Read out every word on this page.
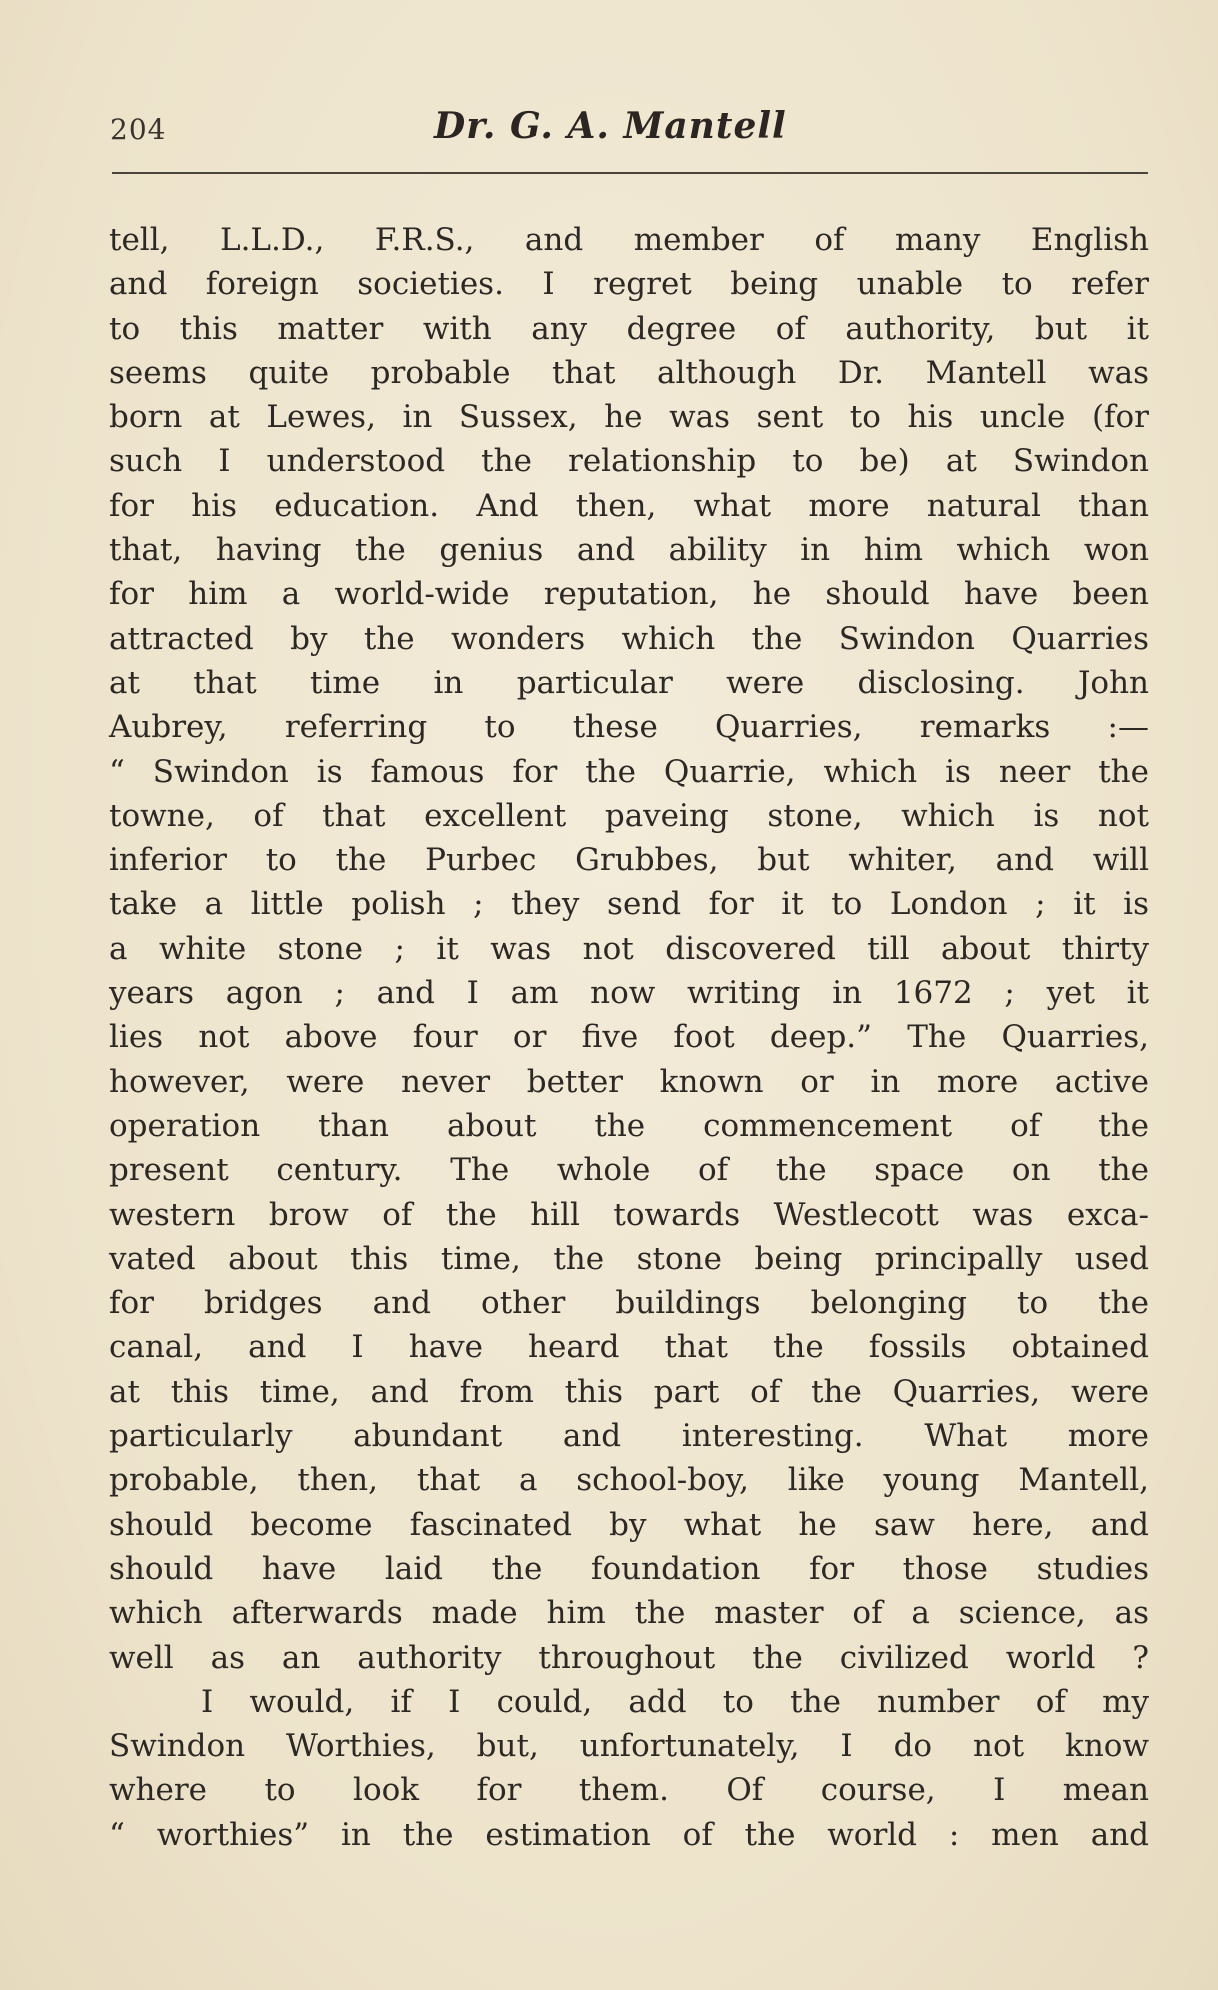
204	Dr. G. A. Mantell
tell, L.L.D., F.R.S., and member of many English
and foreign societies. I regret being unable to refer
to this matter with any degree of authority, but it
seems quite probable that although Dr. Mantell was
born at Lewes, in Sussex, he was sent to his uncle (for
such I understood the relationship to be) at Swindon
for his education. And then, what more natural than
that, having the genius and ability in him which won
for him a world-wide reputation, he should have been
attracted by the wonders which the Swindon Quarries
at that time in particular were disclosing. John
Aubrey, referring to these Quarries, remarks :—
“ Swindon is famous for the Quarrie, which is neer the
towne, of that excellent paveing stone, which is not
inferior to the Purbec Grubbes, but whiter, and will
take a little polish ; they send for it to London ; it is
a white stone ; it was not discovered till about thirty
years agon ; and I am now writing in 1672 ; yet it
lies not above four or five foot deep.” The Quarries,
however, were never better known or in more active
operation than about the commencement of the
present century. The whole of the space on the
western brow of the hill towards Westlecott was exca-
vated about this time, the stone being principally used
for bridges and other buildings belonging to the
canal, and I have heard that the fossils obtained
at this time, and from this part of the Quarries, were
particularly abundant and interesting. What more
probable, then, that a school-boy, like young Mantell,
should become fascinated by what he saw here, and
should have laid the foundation for those studies
which afterwards made him the master of a science, as
well as an authority throughout the civilized world ?
I would, if I could, add to the number of my
Swindon Worthies, but, unfortunately, I do not know
where to look for them. Of course, I mean
“ worthies” in the estimation of the world : men and
